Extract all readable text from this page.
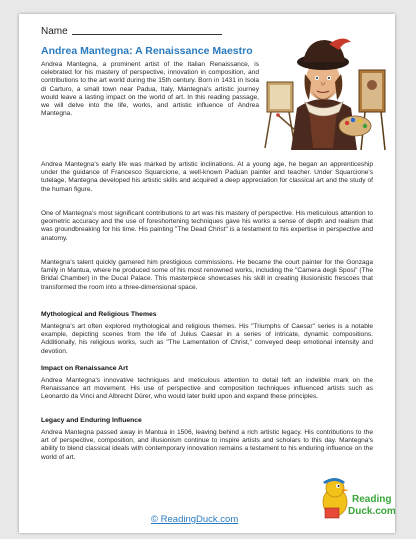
Name
Andrea Mantegna: A Renaissance Maestro

Andrea Mantegna, a prominent artist of the Italian Renaissance, is celebrated for his mastery of perspective, innovation in composition, and contributions to the art world during the 15th century. Born in 1431 in Isola di Carturo, a small town near Padua, Italy, Mantegna's artistic journey would leave a lasting impact on the world of art. In this reading passage, we will delve into the life, works, and artistic influence of Andrea Mantegna.

Andrea Mantegna's early life was marked by artistic inclinations. At a young age, he began an apprenticeship under the guidance of Francesco Squarcione, a well-known Paduan painter and teacher. Under Squarcione's tutelage, Mantegna developed his artistic skills and acquired a deep appreciation for classical art and the study of the human figure.

One of Mantegna's most significant contributions to art was his mastery of perspective. His meticulous attention to geometric accuracy and the use of foreshortening techniques gave his works a sense of depth and realism that was groundbreaking for his time. His painting "The Dead Christ" is a testament to his expertise in perspective and anatomy.

Mantegna's talent quickly garnered him prestigious commissions. He became the court painter for the Gonzaga family in Mantua, where he produced some of his most renowned works, including the "Camera degli Sposi" (The Bridal Chamber) in the Ducal Palace. This masterpiece showcases his skill in creating illusionistic frescoes that transformed the room into a three-dimensional space.

Mythological and Religious Themes

Mantegna's art often explored mythological and religious themes. His "Triumphs of Caesar" series is a notable example, depicting scenes from the life of Julius Caesar in a series of intricate, dynamic compositions. Additionally, his religious works, such as "The Lamentation of Christ," conveyed deep emotional intensity and devotion.

Impact on Renaissance Art

Andrea Mantegna's innovative techniques and meticulous attention to detail left an indelible mark on the Renaissance art movement. His use of perspective and composition techniques influenced artists such as Leonardo da Vinci and Albrecht Dürer, who would later build upon and expand these principles.

Legacy and Enduring Influence

Andrea Mantegna passed away in Mantua in 1506, leaving behind a rich artistic legacy. His contributions to the art of perspective, composition, and illusionism continue to inspire artists and scholars to this day. Mantegna's ability to blend classical ideals with contemporary innovation remains a testament to his enduring influence on the world of art.

© ReadingDuck.com
Reading
Duck.com
